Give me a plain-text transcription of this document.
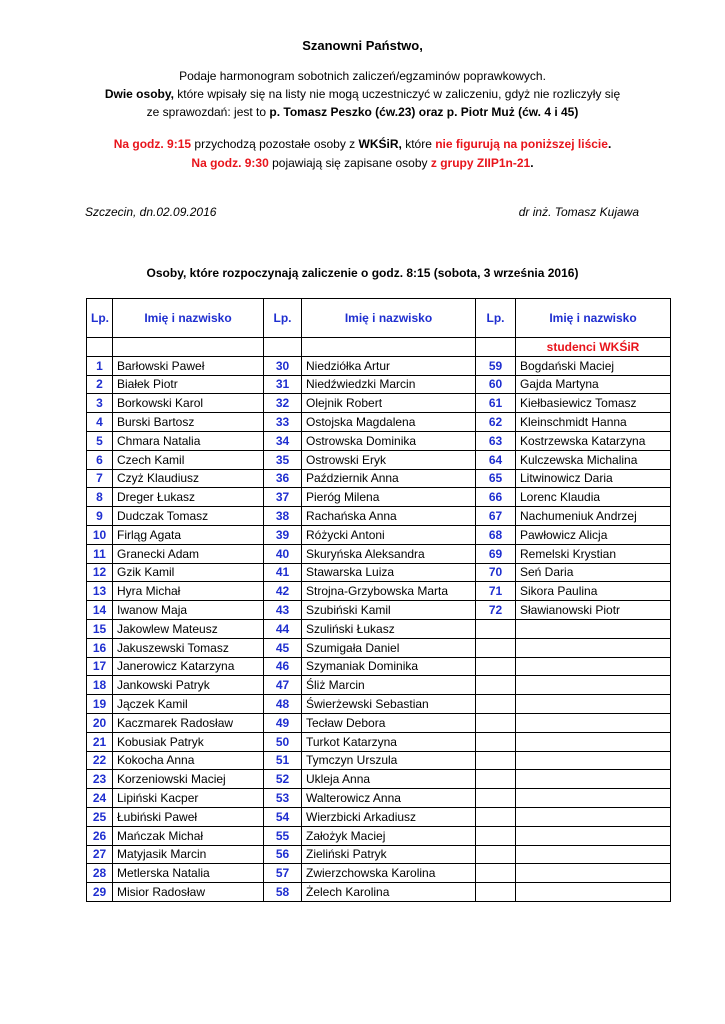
Szanowni Państwo,
Podaje harmonogram sobotnich zaliczeń/egzaminów poprawkowych.
Dwie osoby, które wpisały się na listy nie mogą uczestniczyć w zaliczeniu, gdyż nie rozliczyły się
ze sprawozdań: jest to p. Tomasz Peszko (ćw.23) oraz p. Piotr Muż (ćw. 4 i 45)
Na godz. 9:15 przychodzą pozostałe osoby z WKŚiR, które nie figurują na poniższej liście.
Na godz. 9:30 pojawiają się zapisane osoby z grupy ZIIP1n-21.
Szczecin, dn.02.09.2016	dr inż. Tomasz Kujawa
Osoby, które rozpoczynają zaliczenie o godz. 8:15 (sobota, 3 września 2016)
Lp.	Imię i nazwisko	Lp.	Imię i nazwisko	Lp.	Imię i nazwisko
					studenci WKŚiR
1	Barłowski Paweł	30	Niedziółka Artur	59	Bogdański Maciej
2	Białek Piotr	31	Niedźwiedzki Marcin	60	Gajda Martyna
3	Borkowski Karol	32	Olejnik Robert	61	Kiełbasiewicz Tomasz
4	Burski Bartosz	33	Ostojska Magdalena	62	Kleinschmidt Hanna
5	Chmara Natalia	34	Ostrowska Dominika	63	Kostrzewska Katarzyna
6	Czech Kamil	35	Ostrowski Eryk	64	Kulczewska Michalina
7	Czyż Klaudiusz	36	Październik Anna	65	Litwinowicz Daria
8	Dreger Łukasz	37	Pieróg Milena	66	Lorenc Klaudia
9	Dudczak Tomasz	38	Rachańska Anna	67	Nachumeniuk Andrzej
10	Firląg Agata	39	Różycki Antoni	68	Pawłowicz Alicja
11	Granecki Adam	40	Skuryńska Aleksandra	69	Remelski Krystian
12	Gzik Kamil	41	Stawarska Luiza	70	Seń Daria
13	Hyra Michał	42	Strojna-Grzybowska Marta	71	Sikora Paulina
14	Iwanow Maja	43	Szubiński Kamil	72	Sławianowski Piotr
15	Jakowlew Mateusz	44	Szuliński Łukasz		
16	Jakuszewski Tomasz	45	Szumigała Daniel		
17	Janerowicz Katarzyna	46	Szymaniak Dominika		
18	Jankowski Patryk	47	Śliż Marcin		
19	Jączek Kamil	48	Świerżewski Sebastian		
20	Kaczmarek Radosław	49	Tecław Debora		
21	Kobusiak Patryk	50	Turkot Katarzyna		
22	Kokocha Anna	51	Tymczyn Urszula		
23	Korzeniowski Maciej	52	Ukleja Anna		
24	Lipiński Kacper	53	Walterowicz Anna		
25	Łubiński Paweł	54	Wierzbicki Arkadiusz		
26	Mańczak Michał	55	Założyk Maciej		
27	Matyjasik Marcin	56	Zieliński Patryk		
28	Metlerska Natalia	57	Zwierzchowska Karolina		
29	Misior Radosław	58	Żelech Karolina		
